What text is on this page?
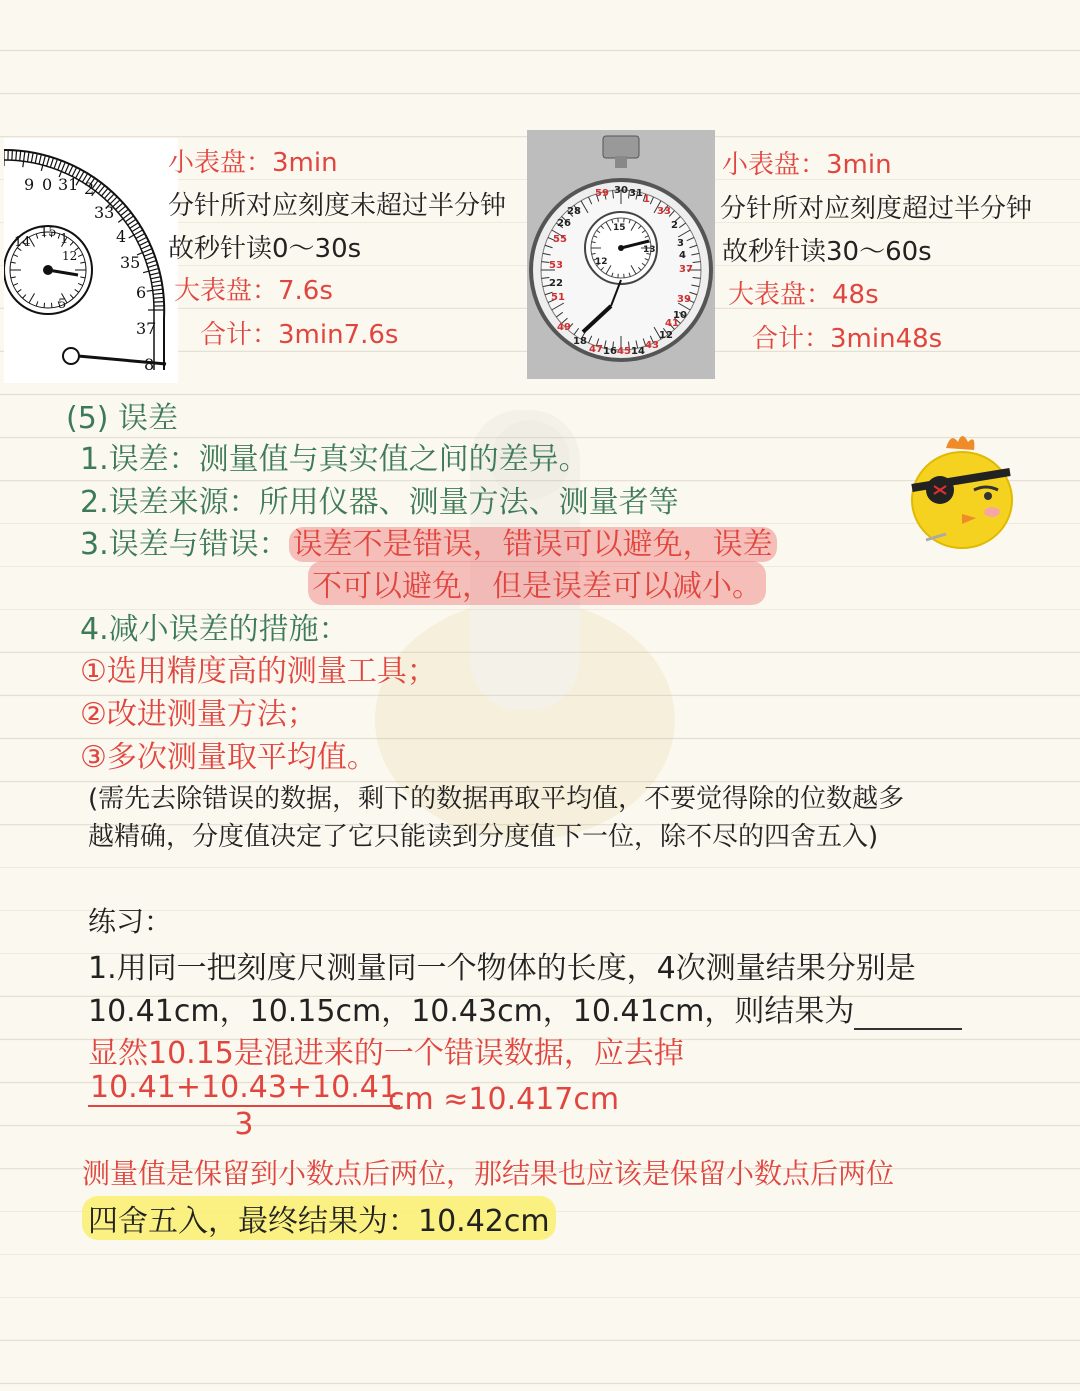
9 0 31 2
33
14
15 1	4
35
6
37
8
12
5
小表盘：3min
分针所对应刻度未超过半分钟
故秒针读0～30s
大表盘：7.6s
合计：3min7.6s
59 30 31
1
33
28
2
26
3
55
4
53	37
22
39
51
10
49
18
47 16 45 14
43
12
41
15
13
12
小表盘：3min
分针所对应刻度超过半分钟
故秒针读30～60s
大表盘：48s
合计：3min48s
(5) 误差
1.误差：测量值与真实值之间的差异。
2.误差来源：所用仪器、测量方法、测量者等
3.误差与错误： 误差不是错误，错误可以避免，误差
不可以避免，但是误差可以减小。
4.减小误差的措施：
①选用精度高的测量工具；
②改进测量方法；
③多次测量取平均值。
(需先去除错误的数据，剩下的数据再取平均值，不要觉得除的位数越多
越精确，分度值决定了它只能读到分度值下一位，除不尽的四舍五入)
练习：
1.用同一把刻度尺测量同一个物体的长度，4次测量结果分别是
10.41cm，10.15cm，10.43cm，10.41cm，则结果为
显然10.15是混进来的一个错误数据，应去掉
$\frac{10.41+10.43+10.41}{3}$
cm ≈10.417cm
测量值是保留到小数点后两位，那结果也应该是保留小数点后两位
四舍五入，最终结果为：10.42cm
